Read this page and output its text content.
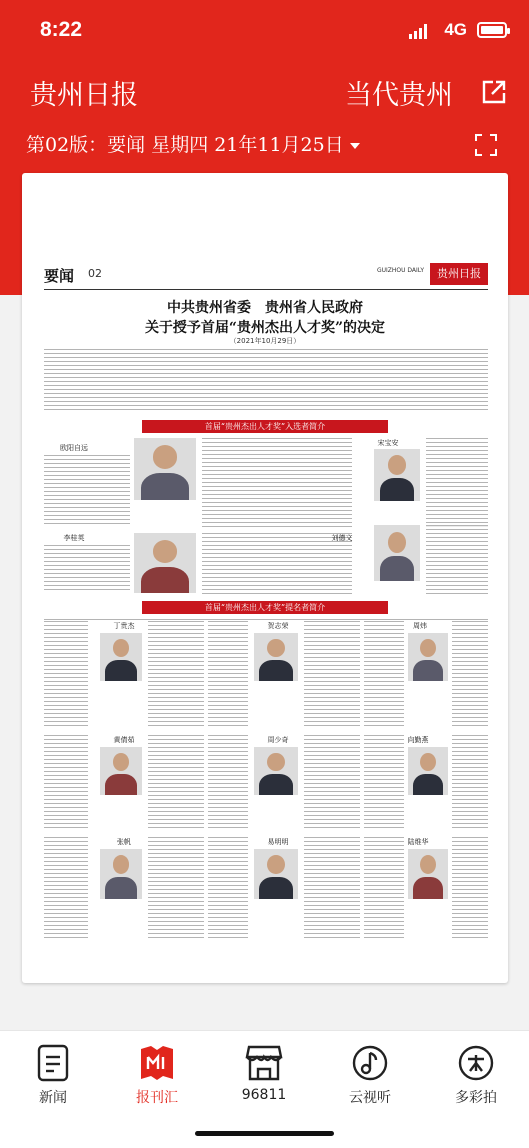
8:22	4G
贵州日报	当代贵州
第02版：要闻 星期四 21年11月25日
要闻 02	GUIZHOU DAILY	贵州日报
中共贵州省委　贵州省人民政府
关于授予首届“贵州杰出人才奖”的决定
（2021年10月29日）
首届“贵州杰出人才奖”入选者简介
欧阳自远
宋宝安
李桂英	刘德文
首届“贵州杰出人才奖”提名者简介
丁贵杰	贺志荣	周炜
黄倩茹	周少奇	向勤燕
张帆	易明明	陆维华
新闻	报刊汇	96811	云视听	多彩拍
